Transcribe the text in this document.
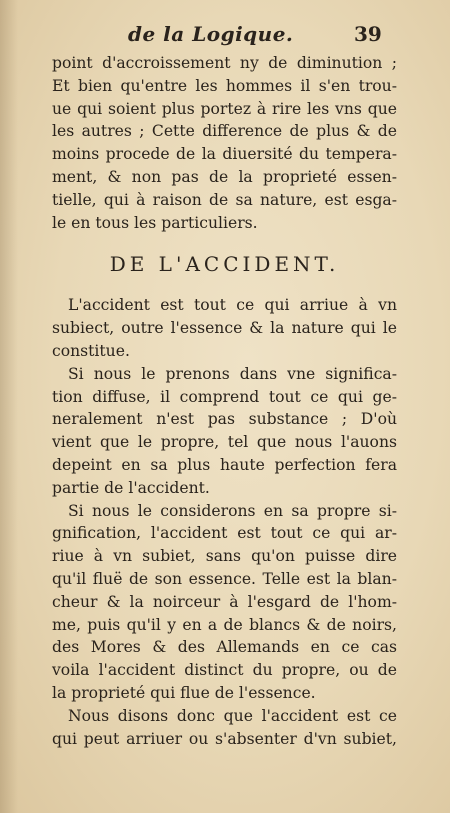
de la Logique.	39
point d'accroissement ny de diminution ;
Et bien qu'entre les hommes il s'en trou-
ue qui soient plus portez à rire les vns que
les autres ; Cette difference de plus & de
moins procede de la diuersité du tempera-
ment, & non pas de la proprieté essen-
tielle, qui à raison de sa nature, est esga-
le en tous les particuliers.
DE L'ACCIDENT.
L'accident est tout ce qui arriue à vn
subiect, outre l'essence & la nature qui le
constitue.
Si nous le prenons dans vne significa-
tion diffuse, il comprend tout ce qui ge-
neralement n'est pas substance ; D'où
vient que le propre, tel que nous l'auons
depeint en sa plus haute perfection fera
partie de l'accident.
Si nous le considerons en sa propre si-
gnification, l'accident est tout ce qui ar-
riue à vn subiet, sans qu'on puisse dire
qu'il fluë de son essence. Telle est la blan-
cheur & la noirceur à l'esgard de l'hom-
me, puis qu'il y en a de blancs & de noirs,
des Mores & des Allemands en ce cas
voila l'accident distinct du propre, ou de
la proprieté qui flue de l'essence.
Nous disons donc que l'accident est ce
qui peut arriuer ou s'absenter d'vn subiet,
